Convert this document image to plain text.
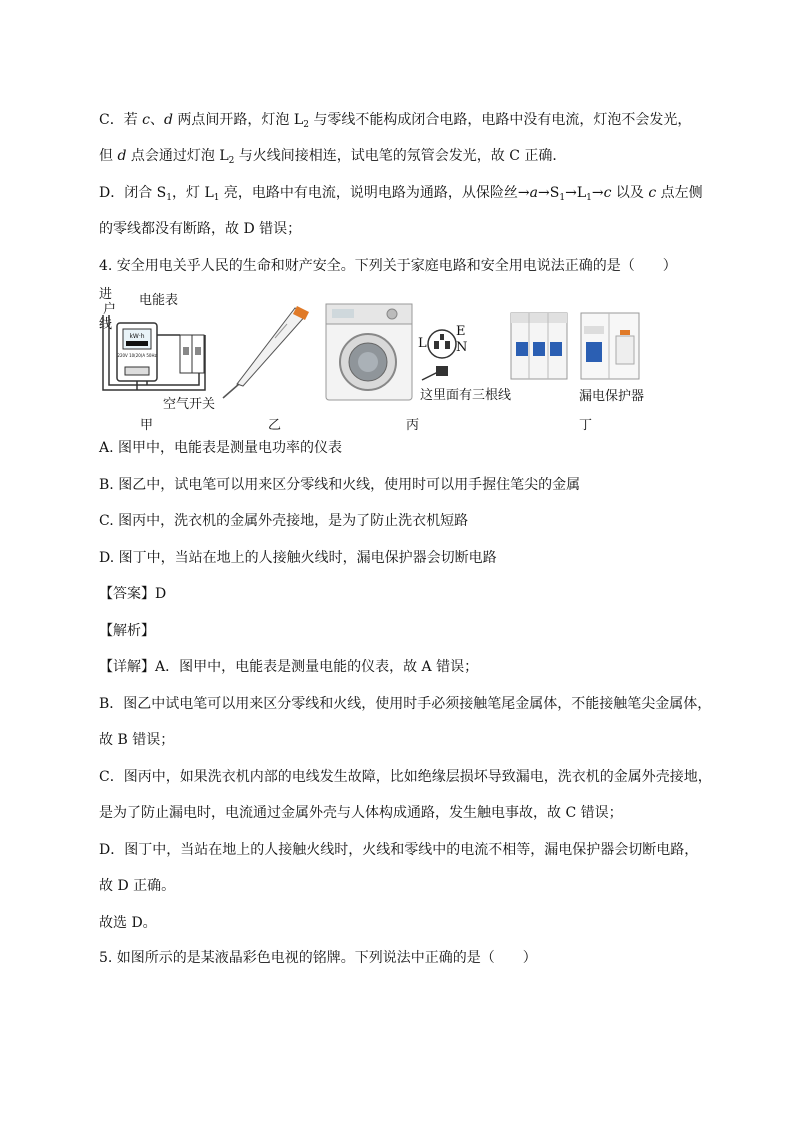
C．若 c、d 两点间开路，灯泡 $L_2$ 与零线不能构成闭合电路，电路中没有电流，灯泡不会发光，
但 d 点会通过灯泡 $L_2$ 与火线间接相连，试电笔的氖管会发光，故 C 正确．
D．闭合 $S_1$，灯 $L_1$ 亮，电路中有电流，说明电路为通路，从保险丝$\to a\to S_1\to L_1\to c$ 以及 c 点左侧
的零线都没有断路，故 D 错误；
4. 安全用电关乎人民的生命和财产安全。下列关于家庭电路和安全用电说法正确的是（　　）
进
户
线
电能表
kW·h
220V 10(20)A 50Hz
空气开关
甲	乙
L
E
N
这里面有三根线
丙
漏电保护器
丁
A. 图甲中，电能表是测量电功率的仪表
B. 图乙中，试电笔可以用来区分零线和火线，使用时可以用手握住笔尖的金属
C. 图丙中，洗衣机的金属外壳接地，是为了防止洗衣机短路
D. 图丁中，当站在地上的人接触火线时，漏电保护器会切断电路
【答案】D
【解析】
【详解】A．图甲中，电能表是测量电能的仪表，故 A 错误；
B．图乙中试电笔可以用来区分零线和火线，使用时手必须接触笔尾金属体，不能接触笔尖金属体，
故 B 错误；
C．图丙中，如果洗衣机内部的电线发生故障，比如绝缘层损坏导致漏电，洗衣机的金属外壳接地，
是为了防止漏电时，电流通过金属外壳与人体构成通路，发生触电事故，故 C 错误；
D．图丁中，当站在地上的人接触火线时，火线和零线中的电流不相等，漏电保护器会切断电路，
故 D 正确。
故选 D。
5. 如图所示的是某液晶彩色电视的铭牌。下列说法中正确的是（　　）
